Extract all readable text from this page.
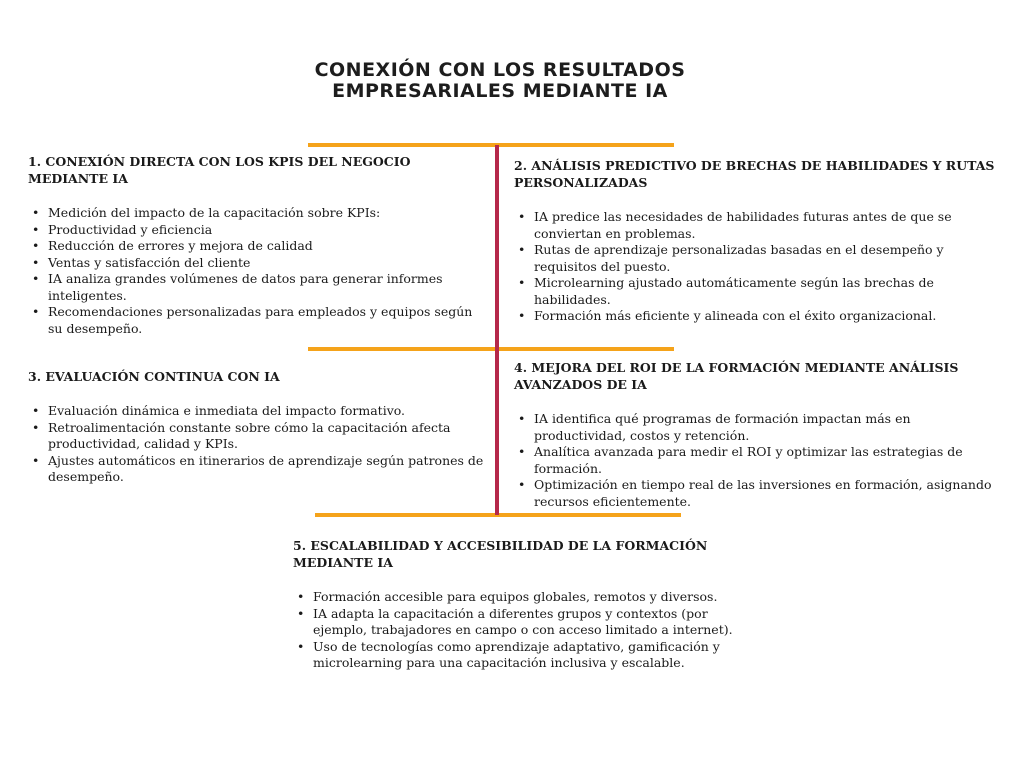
CONEXIÓN CON LOS RESULTADOS
EMPRESARIALES MEDIANTE IA
1. CONEXIÓN DIRECTA CON LOS KPIS DEL NEGOCIO MEDIANTE IA
• Medición del impacto de la capacitación sobre KPIs:
• Productividad y eficiencia
• Reducción de errores y mejora de calidad
• Ventas y satisfacción del cliente
• IA analiza grandes volúmenes de datos para generar informes inteligentes.
• Recomendaciones personalizadas para empleados y equipos según su desempeño.
2. ANÁLISIS PREDICTIVO DE BRECHAS DE HABILIDADES Y RUTAS PERSONALIZADAS
• IA predice las necesidades de habilidades futuras antes de que se conviertan en problemas.
• Rutas de aprendizaje personalizadas basadas en el desempeño y requisitos del puesto.
• Microlearning ajustado automáticamente según las brechas de habilidades.
• Formación más eficiente y alineada con el éxito organizacional.
3. EVALUACIÓN CONTINUA CON IA
• Evaluación dinámica e inmediata del impacto formativo.
• Retroalimentación constante sobre cómo la capacitación afecta productividad, calidad y KPIs.
• Ajustes automáticos en itinerarios de aprendizaje según patrones de desempeño.
4. MEJORA DEL ROI DE LA FORMACIÓN MEDIANTE ANÁLISIS AVANZADOS DE IA
• IA identifica qué programas de formación impactan más en productividad, costos y retención.
• Analítica avanzada para medir el ROI y optimizar las estrategias de formación.
• Optimización en tiempo real de las inversiones en formación, asignando recursos eficientemente.
5. ESCALABILIDAD Y ACCESIBILIDAD DE LA FORMACIÓN MEDIANTE IA
• Formación accesible para equipos globales, remotos y diversos.
• IA adapta la capacitación a diferentes grupos y contextos (por ejemplo, trabajadores en campo o con acceso limitado a internet).
• Uso de tecnologías como aprendizaje adaptativo, gamificación y microlearning para una capacitación inclusiva y escalable.
